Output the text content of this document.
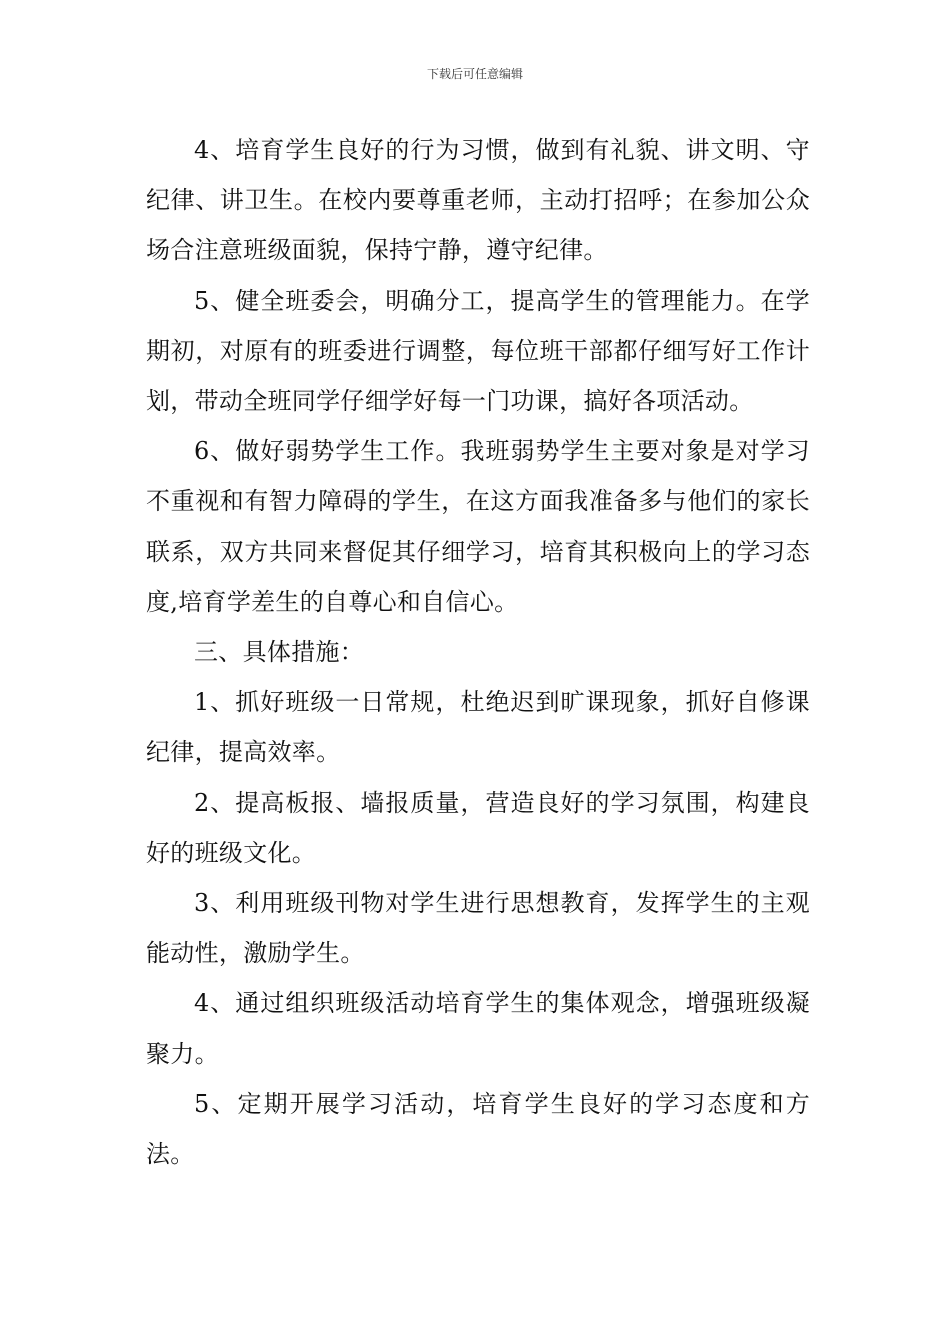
下载后可任意编辑

4、培育学生良好的行为习惯，做到有礼貌、讲文明、守纪律、讲卫生。在校内要尊重老师，主动打招呼；在参加公众场合注意班级面貌，保持宁静，遵守纪律。

5、健全班委会，明确分工，提高学生的管理能力。在学期初，对原有的班委进行调整，每位班干部都仔细写好工作计划，带动全班同学仔细学好每一门功课，搞好各项活动。

6、做好弱势学生工作。我班弱势学生主要对象是对学习不重视和有智力障碍的学生，在这方面我准备多与他们的家长联系，双方共同来督促其仔细学习，培育其积极向上的学习态度,培育学差生的自尊心和自信心。

三、具体措施：

1、抓好班级一日常规，杜绝迟到旷课现象，抓好自修课纪律，提高效率。

2、提高板报、墙报质量，营造良好的学习氛围，构建良好的班级文化。

3、利用班级刊物对学生进行思想教育，发挥学生的主观能动性，激励学生。

4、通过组织班级活动培育学生的集体观念，增强班级凝聚力。

5、定期开展学习活动，培育学生良好的学习态度和方法。
